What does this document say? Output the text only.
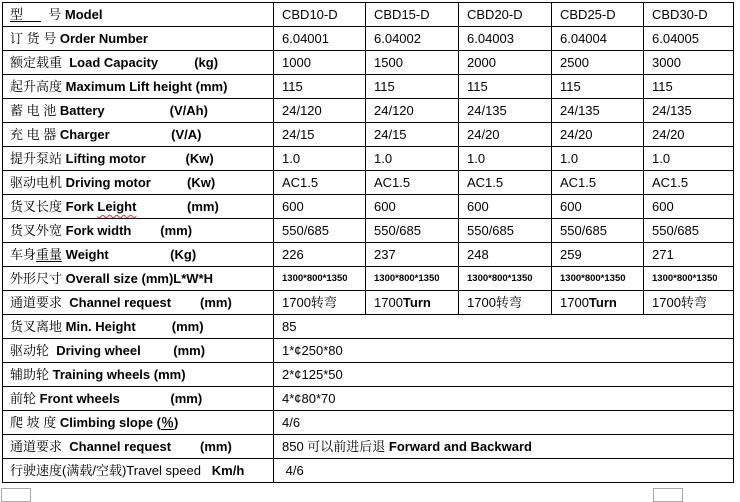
型       号 Model	CBD10-D	CBD15-D	CBD20-D	CBD25-D	CBD30-D
订 货 号 Order Number	6.04001	6.04002	6.04003	6.04004	6.04005
额定载重  Load Capacity (kg)	1000	1500	2000	2500	3000
起升高度 Maximum Lift height (mm)	115	115	115	115	115
蓄 电 池 Battery (V/Ah)	24/120	24/120	24/135	24/135	24/135
充 电 器 Charger (V/A)	24/15	24/15	24/20	24/20	24/20
提升泵站 Lifting motor (Kw)	1.0	1.0	1.0	1.0	1.0
驱动电机 Driving motor (Kw)	AC1.5	AC1.5	AC1.5	AC1.5	AC1.5
货叉长度 Fork Leight (mm)	600	600	600	600	600
货叉外宽 Fork width (mm)	550/685	550/685	550/685	550/685	550/685
车身重量 Weight (Kg)	226	237	248	259	271
外形尺寸 Overall size (mm)L*W*H	1300*800*1350	1300*800*1350	1300*800*1350	1300*800*1350	1300*800*1350
通道要求  Channel request (mm)	1700转弯	1700Turn	1700转弯	1700Turn	1700转弯
货叉离地 Min. Height (mm)	85				
驱动轮  Driving wheel (mm)	1*¢250*80				
辅助轮 Training wheels (mm)	2*¢125*50				
前轮 Front wheels (mm)	4*¢80*70				
爬 坡 度 Climbing slope (％)	4/6				
通道要求  Channel request (mm)	850 可以前进后退 Forward and Backward				
行驶速度(满载/空载)Travel speed Km/h	4/6				
